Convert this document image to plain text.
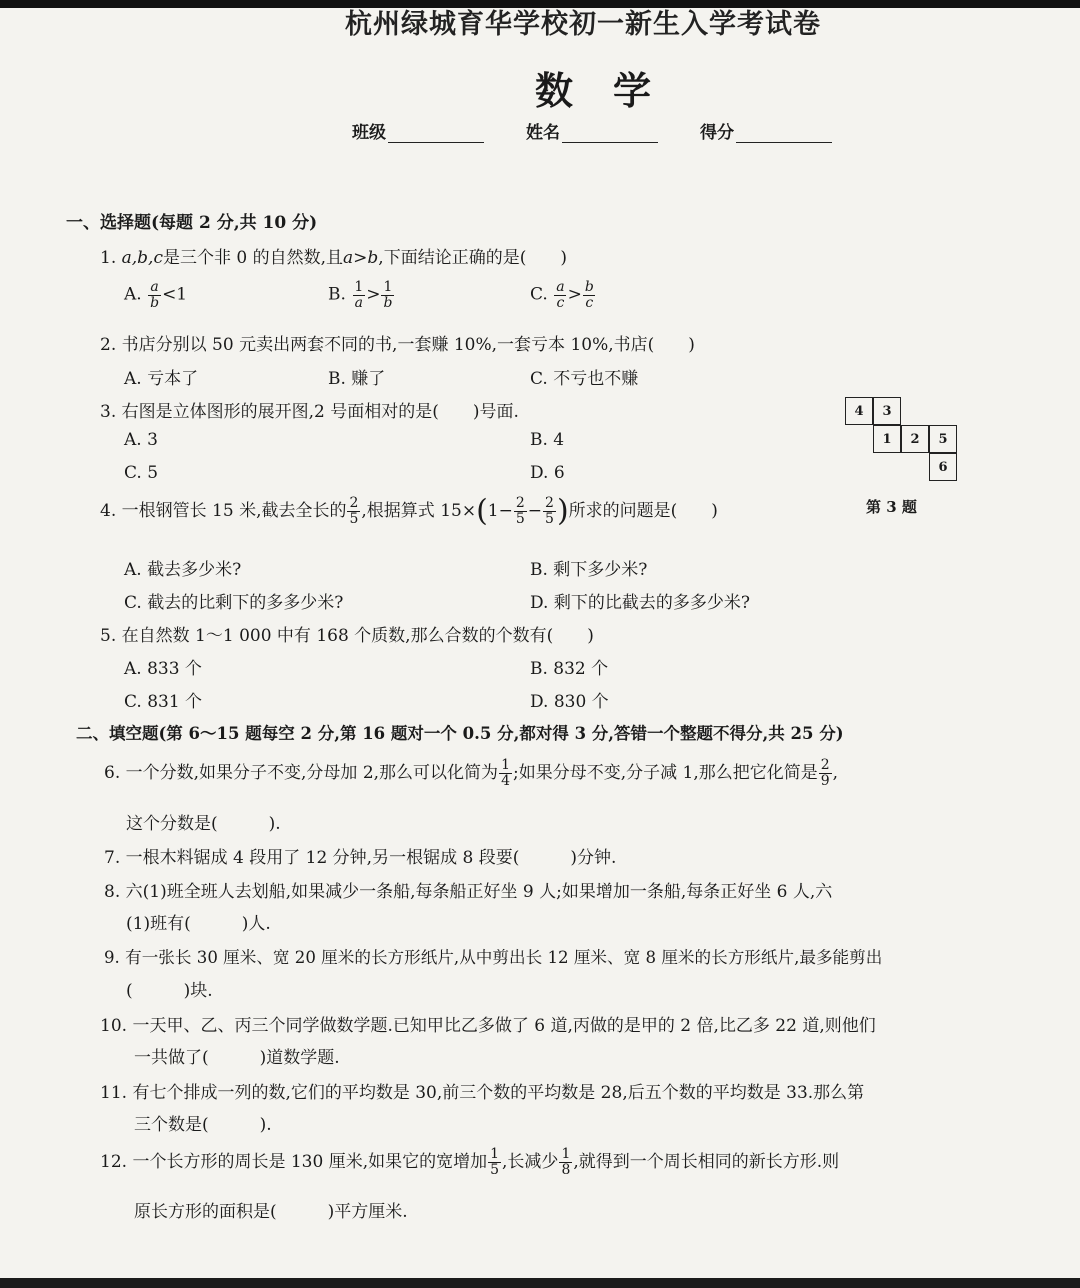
杭州绿城育华学校初一新生入学考试卷
数学
班级	姓名	得分
一、选择题(每题 2 分,共 10 分)
1. a,b,c是三个非 0 的自然数,且a>b,下面结论正确的是(　　)
A. $\frac{a}{b} <1$	B. $\frac{1}{a} > \frac{1}{b}$	C. $\frac{a}{c} > \frac{b}{c}$
2. 书店分别以 50 元卖出两套不同的书,一套赚 10%,一套亏本 10%,书店(　　)
A. 亏本了	B. 赚了	C. 不亏也不赚
3. 右图是立体图形的展开图,2 号面相对的是(　　)号面.
A. 3	B. 4
C. 5	D. 6
4	3
1	2	5
6
第 3 题
4. 一根钢管长 15 米,截去全长的 $\frac{2}{5}$ ,根据算式 $15\times(1- \frac{2}{5} - \frac{2}{5}$ )所求的问题是(　　)
A. 截去多少米?	B. 剩下多少米?
C. 截去的比剩下的多多少米?	D. 剩下的比截去的多多少米?
5. 在自然数 1～1 000 中有 168 个质数,那么合数的个数有(　　)
A. 833 个	B. 832 个
C. 831 个	D. 830 个
二、填空题(第 6～15 题每空 2 分,第 16 题对一个 0.5 分,都对得 3 分,答错一个整题不得分,共 25 分)
6. 一个分数,如果分子不变,分母加 2,那么可以化简为 $\frac{1}{4}$ ;如果分母不变,分子减 1,那么把它化简是 $\frac{2}{9}$ ,
这个分数是(　　　).
7. 一根木料锯成 4 段用了 12 分钟,另一根锯成 8 段要(　　　)分钟.
8. 六(1)班全班人去划船,如果减少一条船,每条船正好坐 9 人;如果增加一条船,每条正好坐 6 人,六
(1)班有(　　　)人.
9. 有一张长 30 厘米、宽 20 厘米的长方形纸片,从中剪出长 12 厘米、宽 8 厘米的长方形纸片,最多能剪出
(　　　)块.
10. 一天甲、乙、丙三个同学做数学题.已知甲比乙多做了 6 道,丙做的是甲的 2 倍,比乙多 22 道,则他们
一共做了(　　　)道数学题.
11. 有七个排成一列的数,它们的平均数是 30,前三个数的平均数是 28,后五个数的平均数是 33.那么第
三个数是(　　　).
12. 一个长方形的周长是 130 厘米,如果它的宽增加 $\frac{1}{5}$ ,长减少 $\frac{1}{8}$ ,就得到一个周长相同的新长方形.则
原长方形的面积是(　　　)平方厘米.
